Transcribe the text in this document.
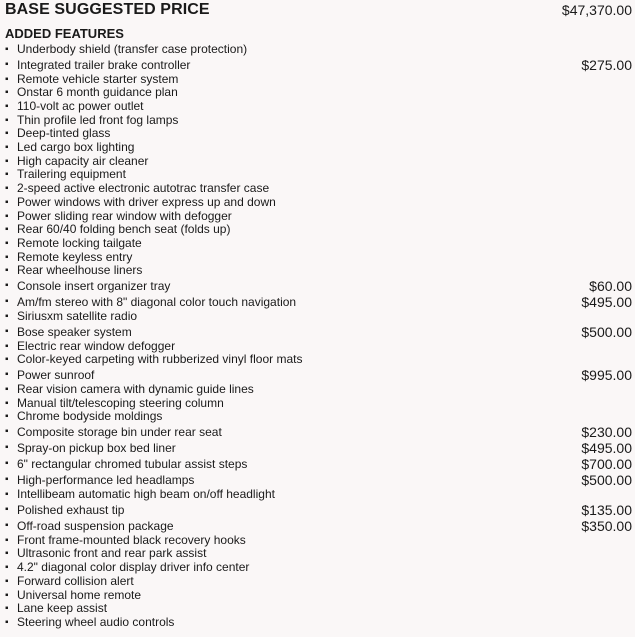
BASE SUGGESTED PRICE	$47,370.00
ADDED FEATURES
▪ Underbody shield (transfer case protection)
▪ Integrated trailer brake controller	$275.00
▪ Remote vehicle starter system
▪ Onstar 6 month guidance plan
▪ 110-volt ac power outlet
▪ Thin profile led front fog lamps
▪ Deep-tinted glass
▪ Led cargo box lighting
▪ High capacity air cleaner
▪ Trailering equipment
▪ 2-speed active electronic autotrac transfer case
▪ Power windows with driver express up and down
▪ Power sliding rear window with defogger
▪ Rear 60/40 folding bench seat (folds up)
▪ Remote locking tailgate
▪ Remote keyless entry
▪ Rear wheelhouse liners
▪ Console insert organizer tray	$60.00
▪ Am/fm stereo with 8" diagonal color touch navigation	$495.00
▪ Siriusxm satellite radio
▪ Bose speaker system	$500.00
▪ Electric rear window defogger
▪ Color-keyed carpeting with rubberized vinyl floor mats
▪ Power sunroof	$995.00
▪ Rear vision camera with dynamic guide lines
▪ Manual tilt/telescoping steering column
▪ Chrome bodyside moldings
▪ Composite storage bin under rear seat	$230.00
▪ Spray-on pickup box bed liner	$495.00
▪ 6" rectangular chromed tubular assist steps	$700.00
▪ High-performance led headlamps	$500.00
▪ Intellibeam automatic high beam on/off headlight
▪ Polished exhaust tip	$135.00
▪ Off-road suspension package	$350.00
▪ Front frame-mounted black recovery hooks
▪ Ultrasonic front and rear park assist
▪ 4.2" diagonal color display driver info center
▪ Forward collision alert
▪ Universal home remote
▪ Lane keep assist
▪ Steering wheel audio controls
